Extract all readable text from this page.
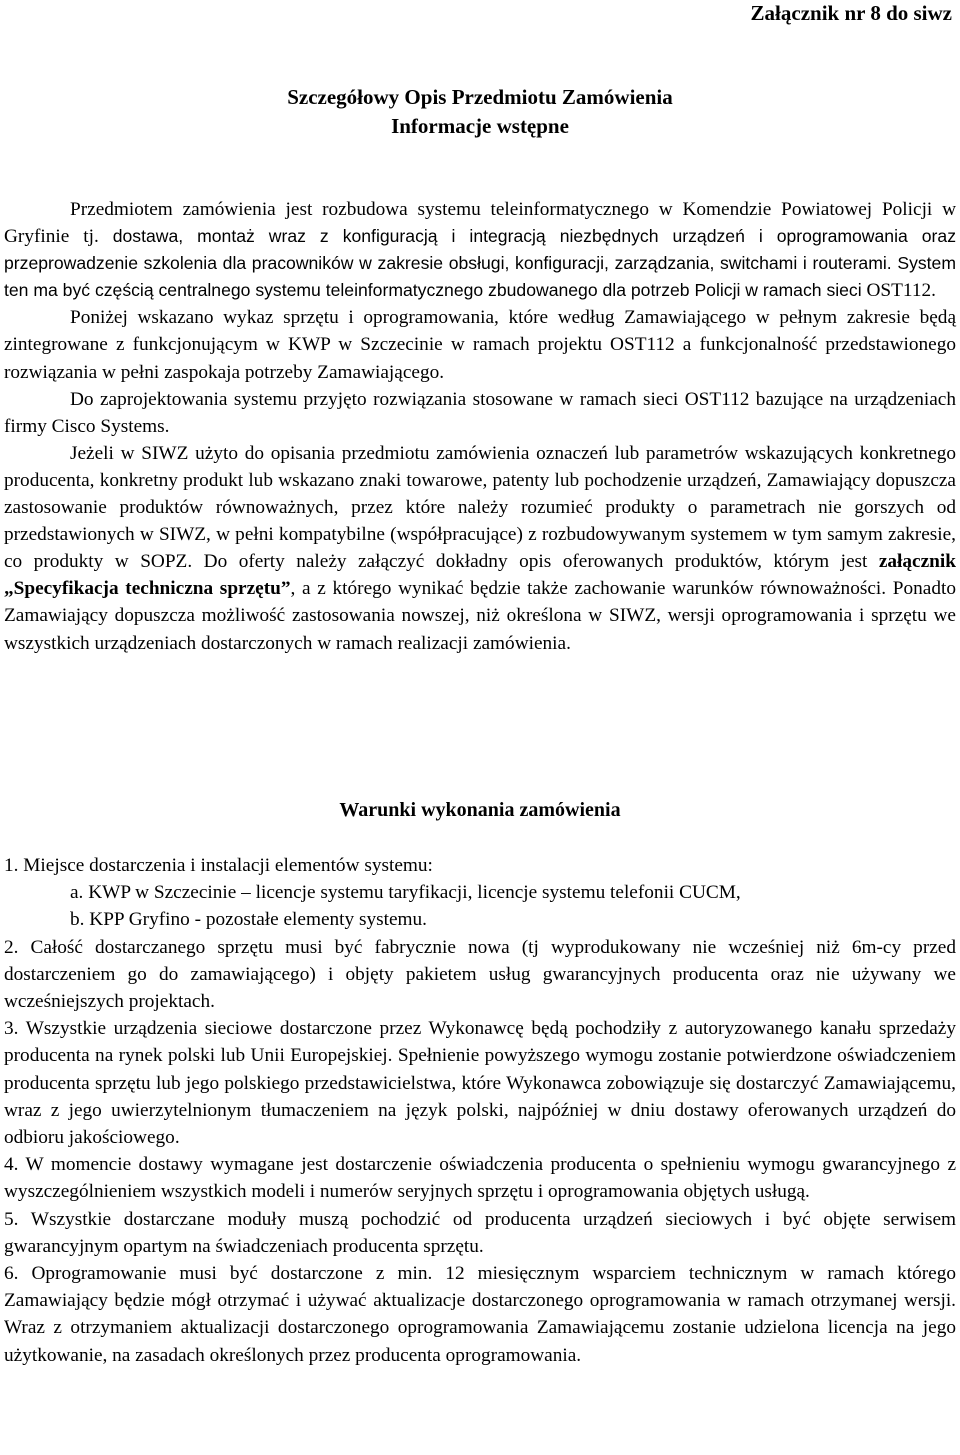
Załącznik nr 8 do siwz
Szczegółowy Opis Przedmiotu Zamówienia
Informacje wstępne

Przedmiotem zamówienia jest rozbudowa systemu teleinformatycznego w Komendzie Powiatowej Policji w Gryfinie tj. dostawa, montaż wraz z konfiguracją i integracją niezbędnych urządzeń i oprogramowania oraz przeprowadzenie szkolenia dla pracowników w zakresie obsługi, konfiguracji, zarządzania, switchami i routerami. System ten ma być częścią centralnego systemu teleinformatycznego zbudowanego dla potrzeb Policji w ramach sieci OST112.

Poniżej wskazano wykaz sprzętu i oprogramowania, które według Zamawiającego w pełnym zakresie będą zintegrowane z funkcjonującym w KWP w Szczecinie w ramach projektu OST112 a funkcjonalność przedstawionego rozwiązania w pełni zaspokaja potrzeby Zamawiającego.

Do zaprojektowania systemu przyjęto rozwiązania stosowane w ramach sieci OST112 bazujące na urządzeniach firmy Cisco Systems.

Jeżeli w SIWZ użyto do opisania przedmiotu zamówienia oznaczeń lub parametrów wskazujących konkretnego producenta, konkretny produkt lub wskazano znaki towarowe, patenty lub pochodzenie urządzeń, Zamawiający dopuszcza zastosowanie produktów równoważnych, przez które należy rozumieć produkty o parametrach nie gorszych od przedstawionych w SIWZ, w pełni kompatybilne (współpracujące) z rozbudowywanym systemem w tym samym zakresie, co produkty w SOPZ. Do oferty należy załączyć dokładny opis oferowanych produktów, którym jest załącznik „Specyfikacja techniczna sprzętu”, a z którego wynikać będzie także zachowanie warunków równoważności. Ponadto Zamawiający dopuszcza możliwość zastosowania nowszej, niż określona w SIWZ, wersji oprogramowania i sprzętu we wszystkich urządzeniach dostarczonych w ramach realizacji zamówienia.

Warunki wykonania zamówienia

1. Miejsce dostarczenia i instalacji elementów systemu:

a. KWP w Szczecinie – licencje systemu taryfikacji, licencje systemu telefonii CUCM,

b. KPP Gryfino - pozostałe elementy systemu.

2. Całość dostarczanego sprzętu musi być fabrycznie nowa (tj wyprodukowany nie wcześniej niż 6m-cy przed dostarczeniem go do zamawiającego) i objęty pakietem usług gwarancyjnych producenta oraz nie używany we wcześniejszych projektach.

3. Wszystkie urządzenia sieciowe dostarczone przez Wykonawcę będą pochodziły z autoryzowanego kanału sprzedaży producenta na rynek polski lub Unii Europejskiej. Spełnienie powyższego wymogu zostanie potwierdzone oświadczeniem producenta sprzętu lub jego polskiego przedstawicielstwa, które Wykonawca zobowiązuje się dostarczyć Zamawiającemu, wraz z jego uwierzytelnionym tłumaczeniem na język polski, najpóźniej w dniu dostawy oferowanych urządzeń do odbioru jakościowego.

4. W momencie dostawy wymagane jest dostarczenie oświadczenia producenta o spełnieniu wymogu gwarancyjnego z wyszczególnieniem wszystkich modeli i numerów seryjnych sprzętu i oprogramowania objętych usługą.

5. Wszystkie dostarczane moduły muszą pochodzić od producenta urządzeń sieciowych i być objęte serwisem gwarancyjnym opartym na świadczeniach producenta sprzętu.

6. Oprogramowanie musi być dostarczone z min. 12 miesięcznym wsparciem technicznym w ramach którego Zamawiający będzie mógł otrzymać i używać aktualizacje dostarczonego oprogramowania w ramach otrzymanej wersji. Wraz z otrzymaniem aktualizacji dostarczonego oprogramowania Zamawiającemu zostanie udzielona licencja na jego użytkowanie, na zasadach określonych przez producenta oprogramowania.
